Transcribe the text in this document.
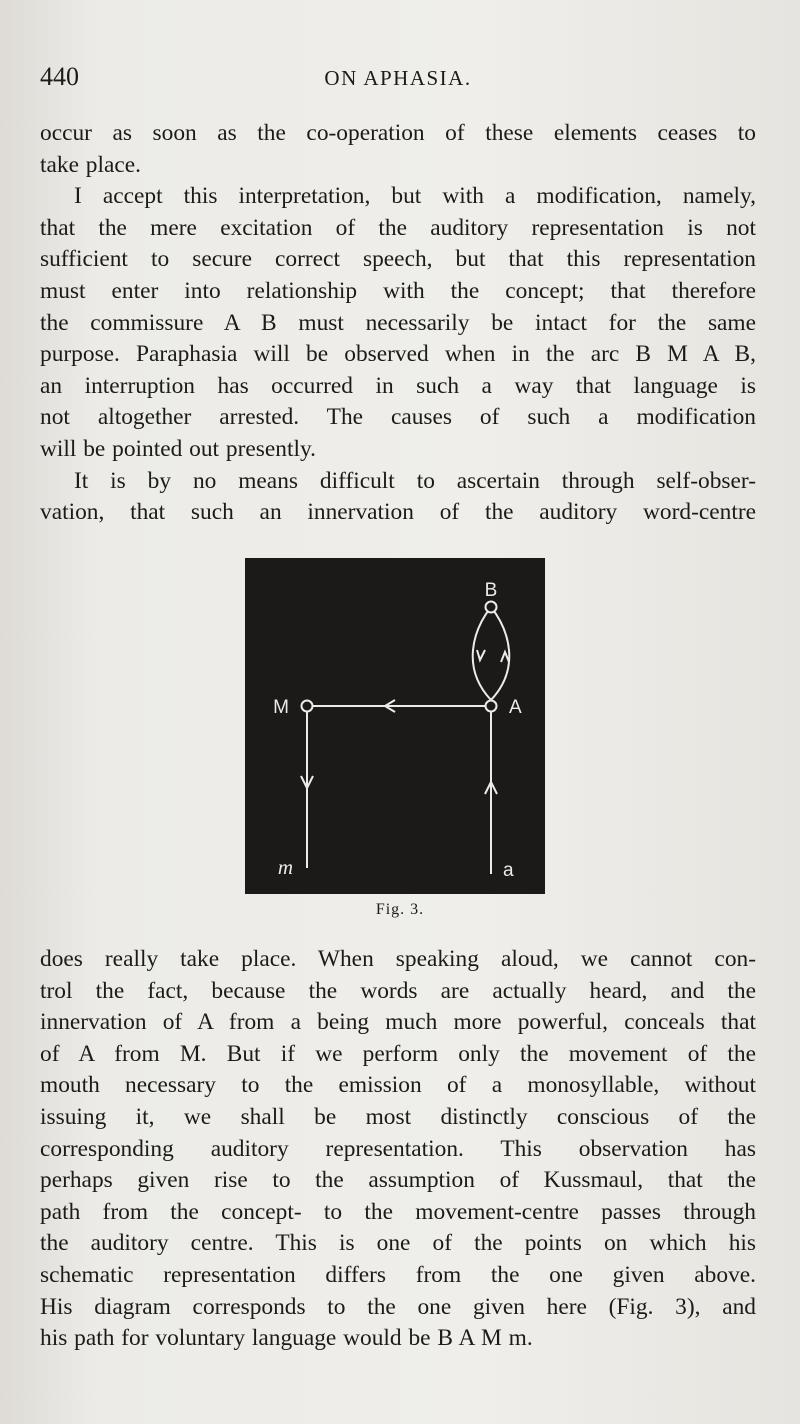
440	ON APHASIA.
occur as soon as the co-operation of these elements ceases to
take place.
I accept this interpretation, but with a modification, namely,
that the mere excitation of the auditory representation is not
sufficient to secure correct speech, but that this representation
must enter into relationship with the concept; that therefore
the commissure A B must necessarily be intact for the same
purpose. Paraphasia will be observed when in the arc B M A B,
an interruption has occurred in such a way that language is
not altogether arrested. The causes of such a modification
will be pointed out presently.
It is by no means difficult to ascertain through self-obser-
vation, that such an innervation of the auditory word-centre
B
M	A
m	a
Fig. 3.
does really take place. When speaking aloud, we cannot con-
trol the fact, because the words are actually heard, and the
innervation of A from a being much more powerful, conceals that
of A from M. But if we perform only the movement of the
mouth necessary to the emission of a monosyllable, without
issuing it, we shall be most distinctly conscious of the
corresponding auditory representation. This observation has
perhaps given rise to the assumption of Kussmaul, that the
path from the concept- to the movement-centre passes through
the auditory centre. This is one of the points on which his
schematic representation differs from the one given above.
His diagram corresponds to the one given here (Fig. 3), and
his path for voluntary language would be B A M m.
